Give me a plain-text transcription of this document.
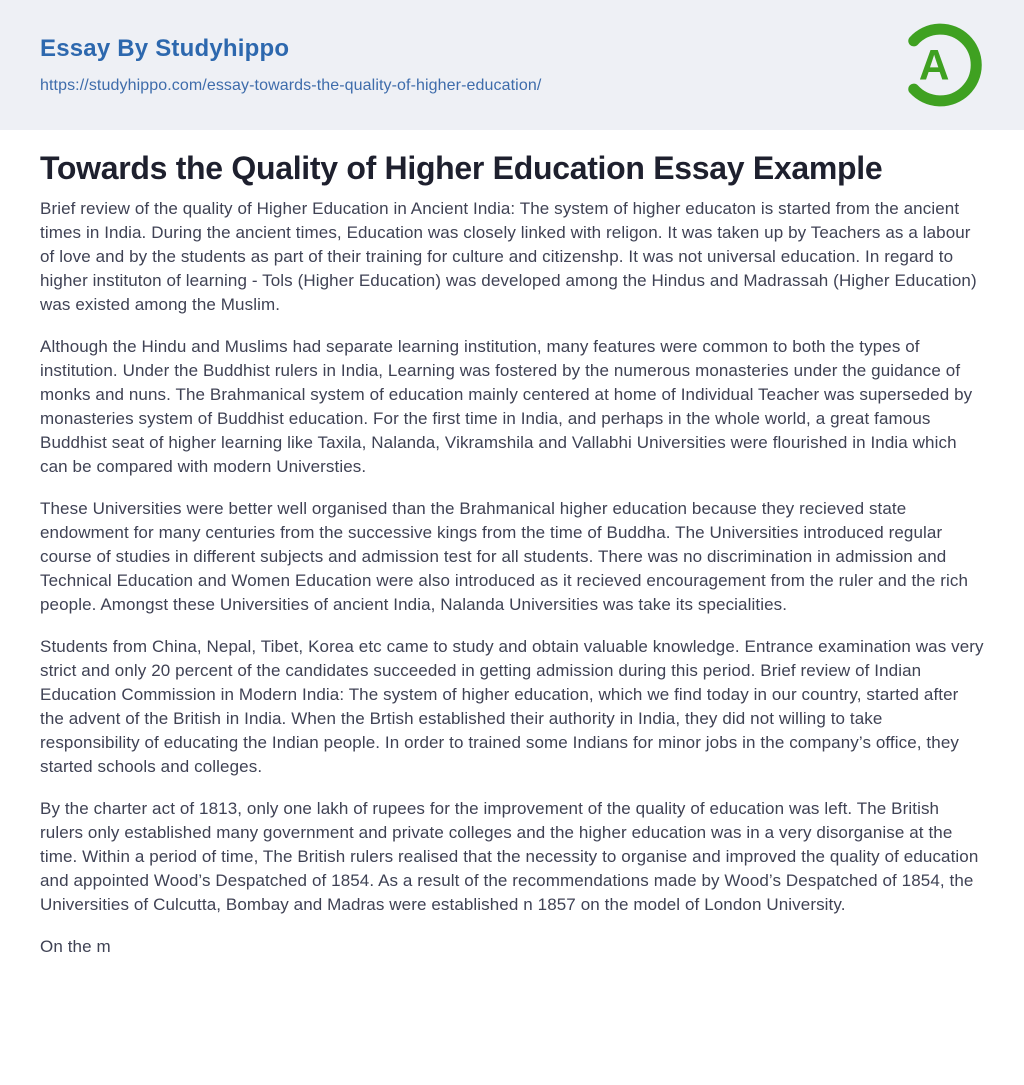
Essay By Studyhippo
https://studyhippo.com/essay-towards-the-quality-of-higher-education/	A
Towards the Quality of Higher Education Essay Example

Brief review of the quality of Higher Education in Ancient India: The system of higher educaton is started from the ancient times in India. During the ancient times, Education was closely linked with religon. It was taken up by Teachers as a labour of love and by the students as part of their training for culture and citizenshp. It was not universal education. In regard to higher instituton of learning - Tols (Higher Education) was developed among the Hindus and Madrassah (Higher Education) was existed among the Muslim.

Although the Hindu and Muslims had separate learning institution, many features were common to both the types of institution. Under the Buddhist rulers in India, Learning was fostered by the numerous monasteries under the guidance of monks and nuns. The Brahmanical system of education mainly centered at home of Individual Teacher was superseded by monasteries system of Buddhist education. For the first time in India, and perhaps in the whole world, a great famous Buddhist seat of higher learning like Taxila, Nalanda, Vikramshila and Vallabhi Universities were flourished in India which can be compared with modern Universties.

These Universities were better well organised than the Brahmanical higher education because they recieved state endowment for many centuries from the successive kings from the time of Buddha. The Universities introduced regular course of studies in different subjects and admission test for all students. There was no discrimination in admission and Technical Education and Women Education were also introduced as it recieved encouragement from the ruler and the rich people. Amongst these Universities of ancient India, Nalanda Universities was take its specialities.

Students from China, Nepal, Tibet, Korea etc came to study and obtain valuable knowledge. Entrance examination was very strict and only 20 percent of the candidates succeeded in getting admission during this period. Brief review of Indian Education Commission in Modern India: The system of higher education, which we find today in our country, started after the advent of the British in India. When the Brtish established their authority in India, they did not willing to take responsibility of educating the Indian people. In order to trained some Indians for minor jobs in the company’s office, they started schools and colleges.

By the charter act of 1813, only one lakh of rupees for the improvement of the quality of education was left. The British rulers only established many government and private colleges and the higher education was in a very disorganise at the time. Within a period of time, The British rulers realised that the necessity to organise and improved the quality of education and appointed Wood’s Despatched of 1854. As a result of the recommendations made by Wood’s Despatched of 1854, the Universities of Culcutta, Bombay and Madras were established n 1857 on the model of London University.

On the m
